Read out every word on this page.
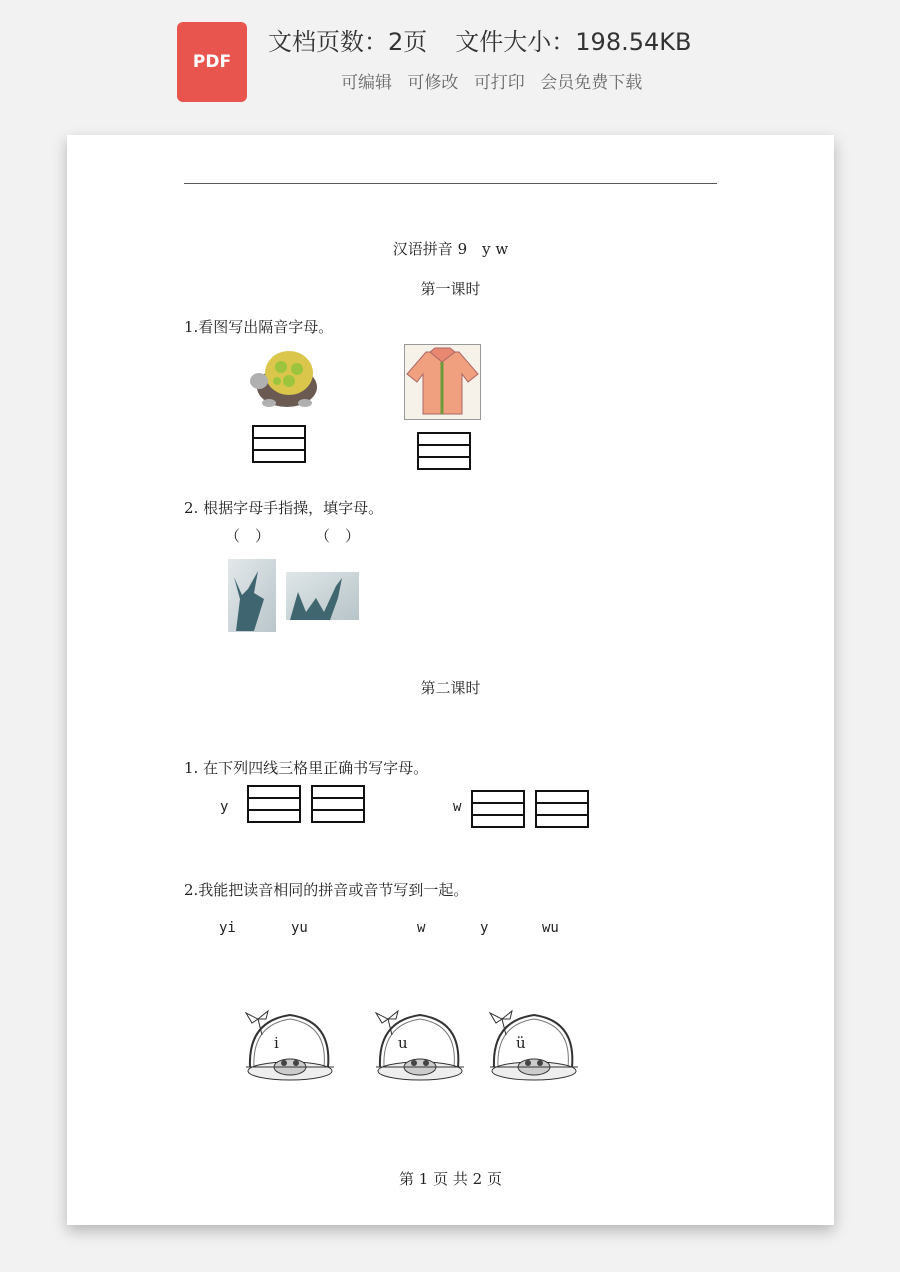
PDF
文档页数：2页 文件大小：198.54KB
可编辑 可修改 可打印 会员免费下载
汉语拼音 9　y w
第一课时
1.看图写出隔音字母。
2. 根据字母手指操，填字母。
（　）	（　）
第二课时
1. 在下列四线三格里正确书写字母。
y	w
2.我能把读音相同的拼音或音节写到一起。
yi	yu	w	y	wu
i	u	ü
第 1 页 共 2 页
